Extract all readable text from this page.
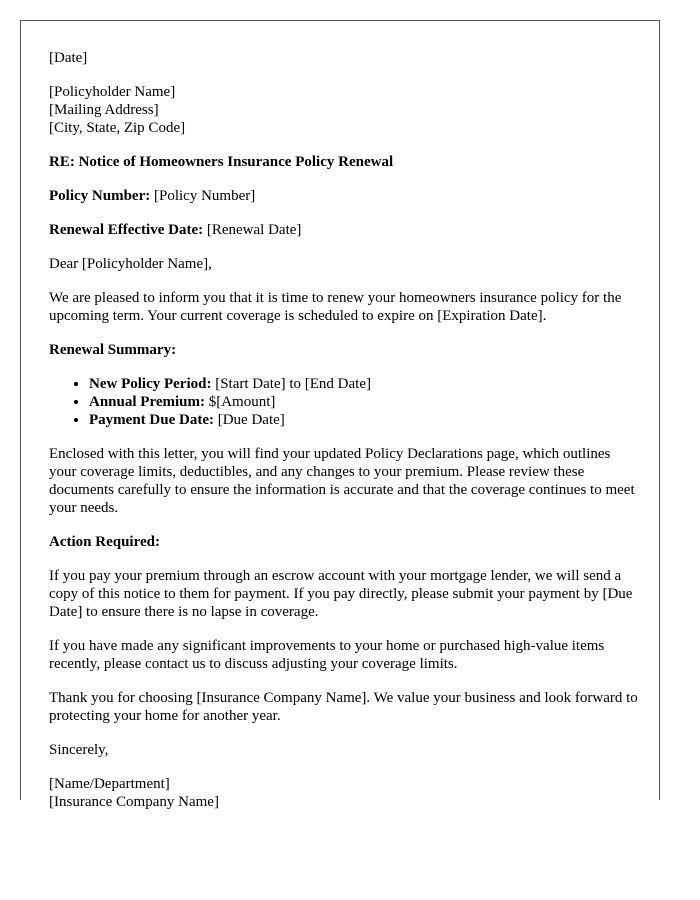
[Date]

[Policyholder Name]
[Mailing Address]
[City, State, Zip Code]

RE: Notice of Homeowners Insurance Policy Renewal

Policy Number: [Policy Number]

Renewal Effective Date: [Renewal Date]

Dear [Policyholder Name],

We are pleased to inform you that it is time to renew your homeowners insurance policy for the upcoming term. Your current coverage is scheduled to expire on [Expiration Date].

Renewal Summary:

• New Policy Period: [Start Date] to [End Date]
• Annual Premium: $[Amount]
• Payment Due Date: [Due Date]

Enclosed with this letter, you will find your updated Policy Declarations page, which outlines your coverage limits, deductibles, and any changes to your premium. Please review these documents carefully to ensure the information is accurate and that the coverage continues to meet your needs.

Action Required:

If you pay your premium through an escrow account with your mortgage lender, we will send a copy of this notice to them for payment. If you pay directly, please submit your payment by [Due Date] to ensure there is no lapse in coverage.

If you have made any significant improvements to your home or purchased high-value items recently, please contact us to discuss adjusting your coverage limits.

Thank you for choosing [Insurance Company Name]. We value your business and look forward to protecting your home for another year.

Sincerely,

[Name/Department]
[Insurance Company Name]
